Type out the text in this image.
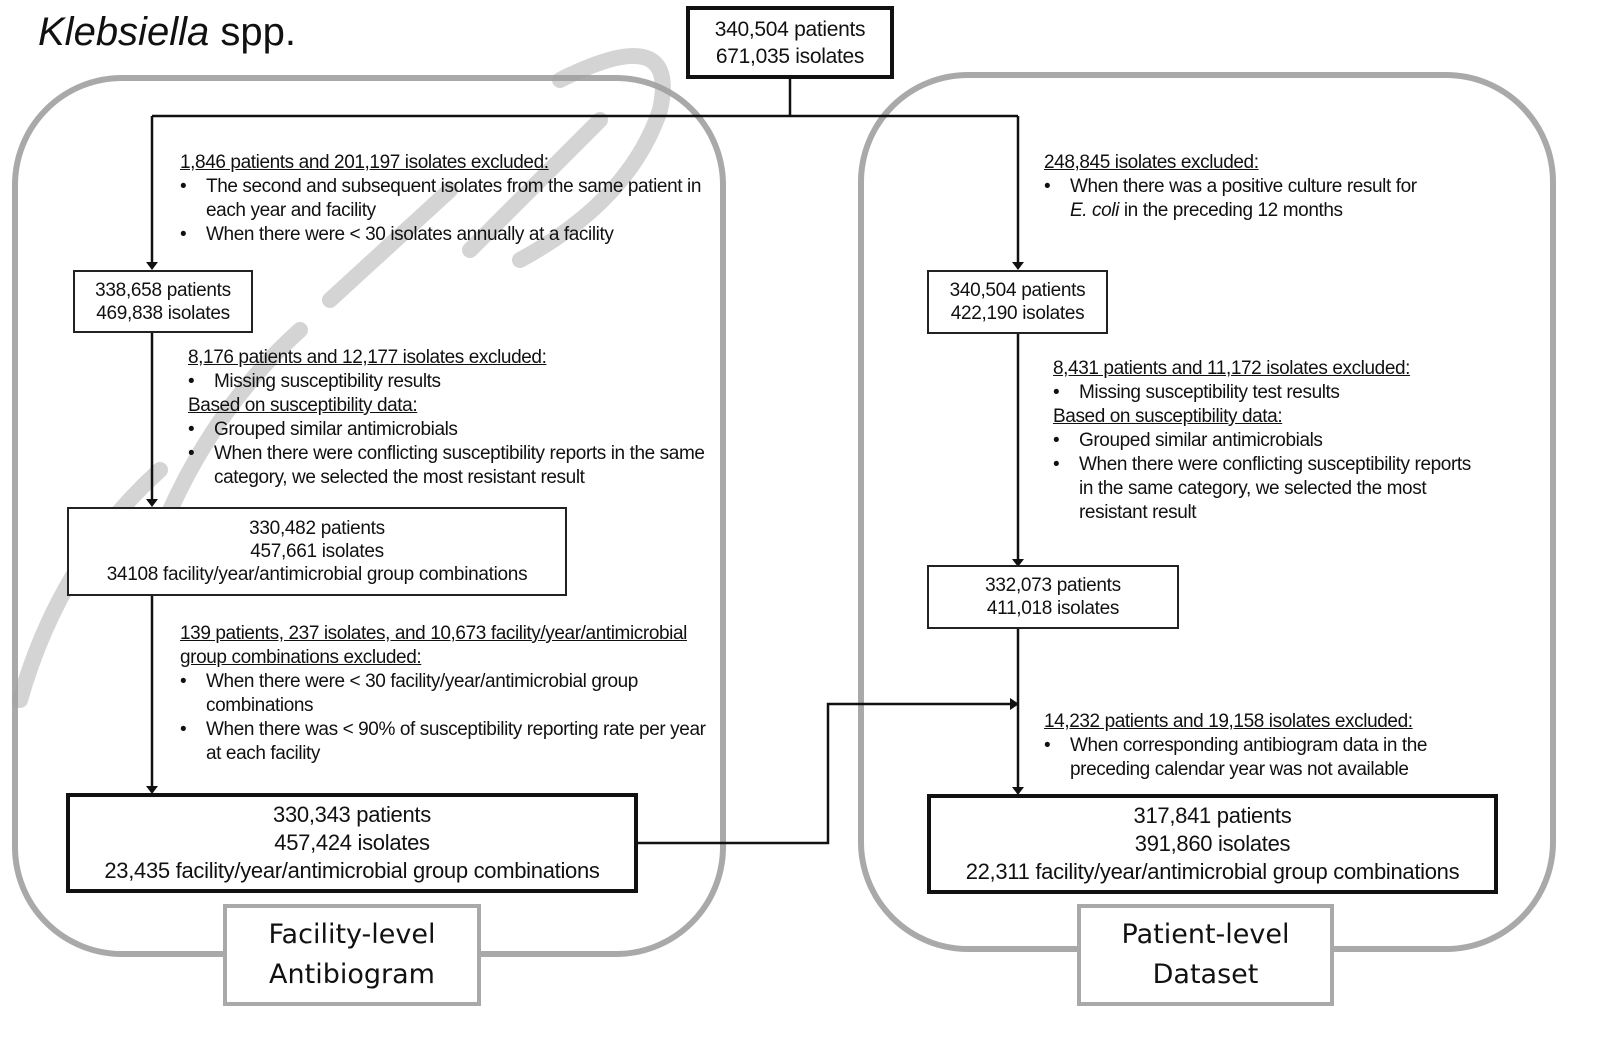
Klebsiella spp.	340,504 patients
671,035 isolates
1,846 patients and 201,197 isolates excluded:
• The second and subsequent isolates from the same patient in each year and facility
• When there were < 30 isolates annually at a facility
338,658 patients
469,838 isolates
8,176 patients and 12,177 isolates excluded:
• Missing susceptibility results
Based on susceptibility data:
• Grouped similar antimicrobials
• When there were conflicting susceptibility reports in the same category, we selected the most resistant result
330,482 patients
457,661 isolates
34108 facility/year/antimicrobial group combinations
139 patients, 237 isolates, and 10,673 facility/year/antimicrobial group combinations excluded:
• When there were < 30 facility/year/antimicrobial group combinations
• When there was < 90% of susceptibility reporting rate per year at each facility
330,343 patients
457,424 isolates
23,435 facility/year/antimicrobial group combinations
Facility-level
Antibiogram
248,845 isolates excluded:
• When there was a positive culture result for
E. coli in the preceding 12 months
340,504 patients
422,190 isolates
8,431 patients and 11,172 isolates excluded:
• Missing susceptibility test results
Based on susceptibility data:
• Grouped similar antimicrobials
• When there were conflicting susceptibility reports in the same category, we selected the most resistant result
332,073 patients
411,018 isolates
14,232 patients and 19,158 isolates excluded:
• When corresponding antibiogram data in the preceding calendar year was not available
317,841 patients
391,860 isolates
22,311 facility/year/antimicrobial group combinations
Patient-level
Dataset
